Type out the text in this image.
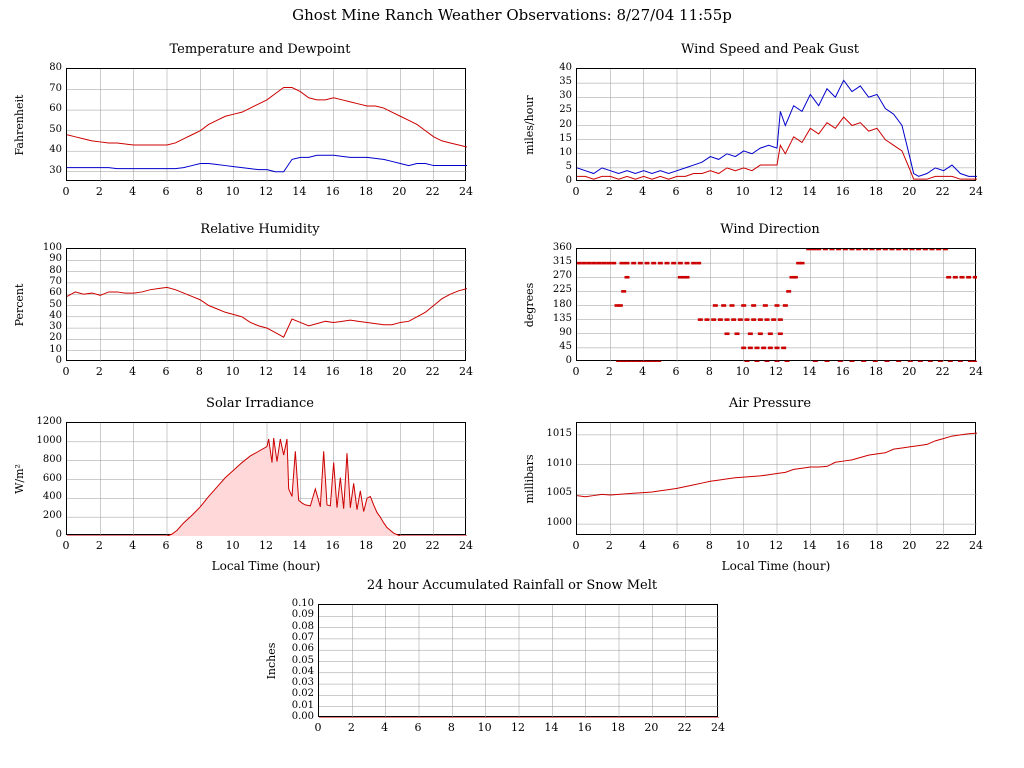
Ghost Mine Ranch Weather Observations: 8/27/04 11:55p
Temperature and Dewpoint
30
40
50
60
70
80
0	2	4	6	8	10	12	14	16	18	20	22	24
Fahrenheit
Wind Speed and Peak Gust
0
5
10
15
20
25
30
35
40
0	2	4	6	8	10	12	14	16	18	20	22	24
miles/hour
Relative Humidity
0
10
20
30
40
50
60
70
80
90
100
0	2	4	6	8	10	12	14	16	18	20	22	24
Percent
Wind Direction
0
45
90
135
180
225
270
315
360
0	2	4	6	8	10	12	14	16	18	20	22	24
degrees
Solar Irradiance
0
200
400
600
800
1000
1200
0	2	4	6	8	10	12	14	16	18	20	22	24
W/m²
Local Time (hour)
Air Pressure
1000
1005
1010
1015
0	2	4	6	8	10	12	14	16	18	20	22	24
millibars
Local Time (hour)
24 hour Accumulated Rainfall or Snow Melt
0.00
0.01
0.02
0.03
0.04
0.05
0.06
0.07
0.08
0.09
0.10
0	2	4	6	8	10	12	14	16	18	20	22	24
Inches
